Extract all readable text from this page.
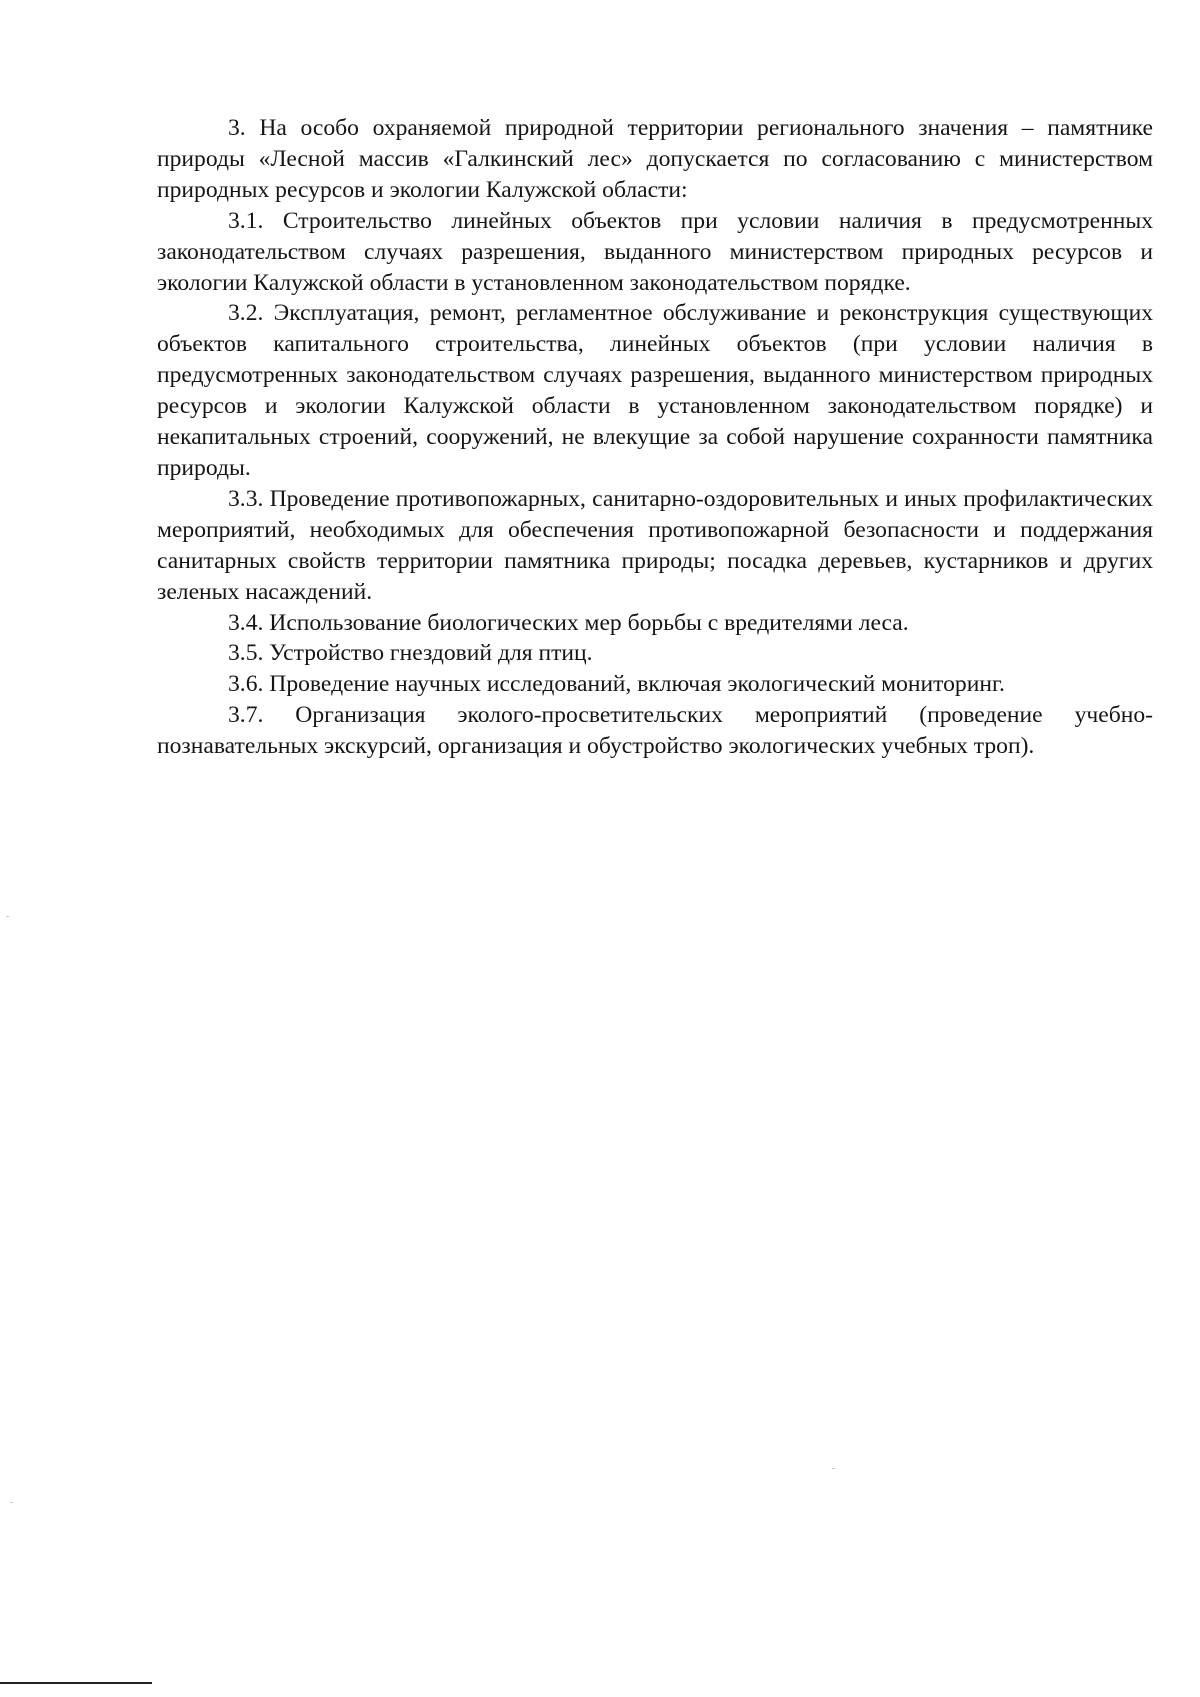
3. На особо охраняемой природной территории регионального значения – памятнике природы «Лесной массив «Галкинский лес» допускается по согласованию с министерством природных ресурсов и экологии Калужской области:

3.1. Строительство линейных объектов при условии наличия в предусмотренных законодательством случаях разрешения, выданного министерством природных ресурсов и экологии Калужской области в установленном законодательством порядке.

3.2. Эксплуатация, ремонт, регламентное обслуживание и реконструкция существующих объектов капитального строительства, линейных объектов (при условии наличия в предусмотренных законодательством случаях разрешения, выданного министерством природных ресурсов и экологии Калужской области в установленном законодательством порядке) и некапитальных строений, сооружений, не влекущие за собой нарушение сохранности памятника природы.

3.3. Проведение противопожарных, санитарно-оздоровительных и иных профилактических мероприятий, необходимых для обеспечения противопожарной безопасности и поддержания санитарных свойств территории памятника природы; посадка деревьев, кустарников и других зеленых насаждений.

3.4. Использование биологических мер борьбы с вредителями леса.

3.5. Устройство гнездовий для птиц.

3.6. Проведение научных исследований, включая экологический мониторинг.

3.7. Организация эколого-просветительских мероприятий (проведение учебно-познавательных экскурсий, организация и обустройство экологических учебных троп).
